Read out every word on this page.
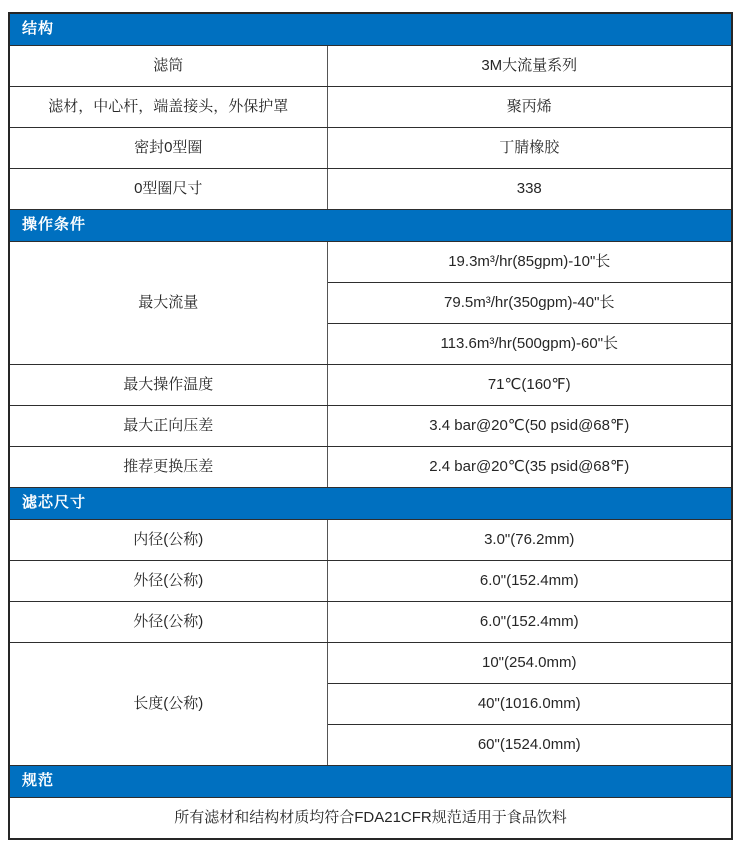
结构	
滤筒	3M大流量系列
滤材，中心杆，端盖接头，外保护罩	聚丙烯
密封0型圈	丁腈橡胶
0型圈尺寸	338
操作条件	
最大流量	19.3m³/hr(85gpm)-10"长
	79.5m³/hr(350gpm)-40"长
	113.6m³/hr(500gpm)-60"长
最大操作温度	71℃(160℉)
最大正向压差	3.4 bar@20℃(50 psid@68℉)
推荐更换压差	2.4 bar@20℃(35 psid@68℉)
滤芯尺寸	
内径(公称)	3.0"(76.2mm)
外径(公称)	6.0"(152.4mm)
外径(公称)	6.0"(152.4mm)
长度(公称)	10"(254.0mm)
	40"(1016.0mm)
	60"(1524.0mm)
规范	
所有滤材和结构材质均符合FDA21CFR规范适用于食品饮料	
